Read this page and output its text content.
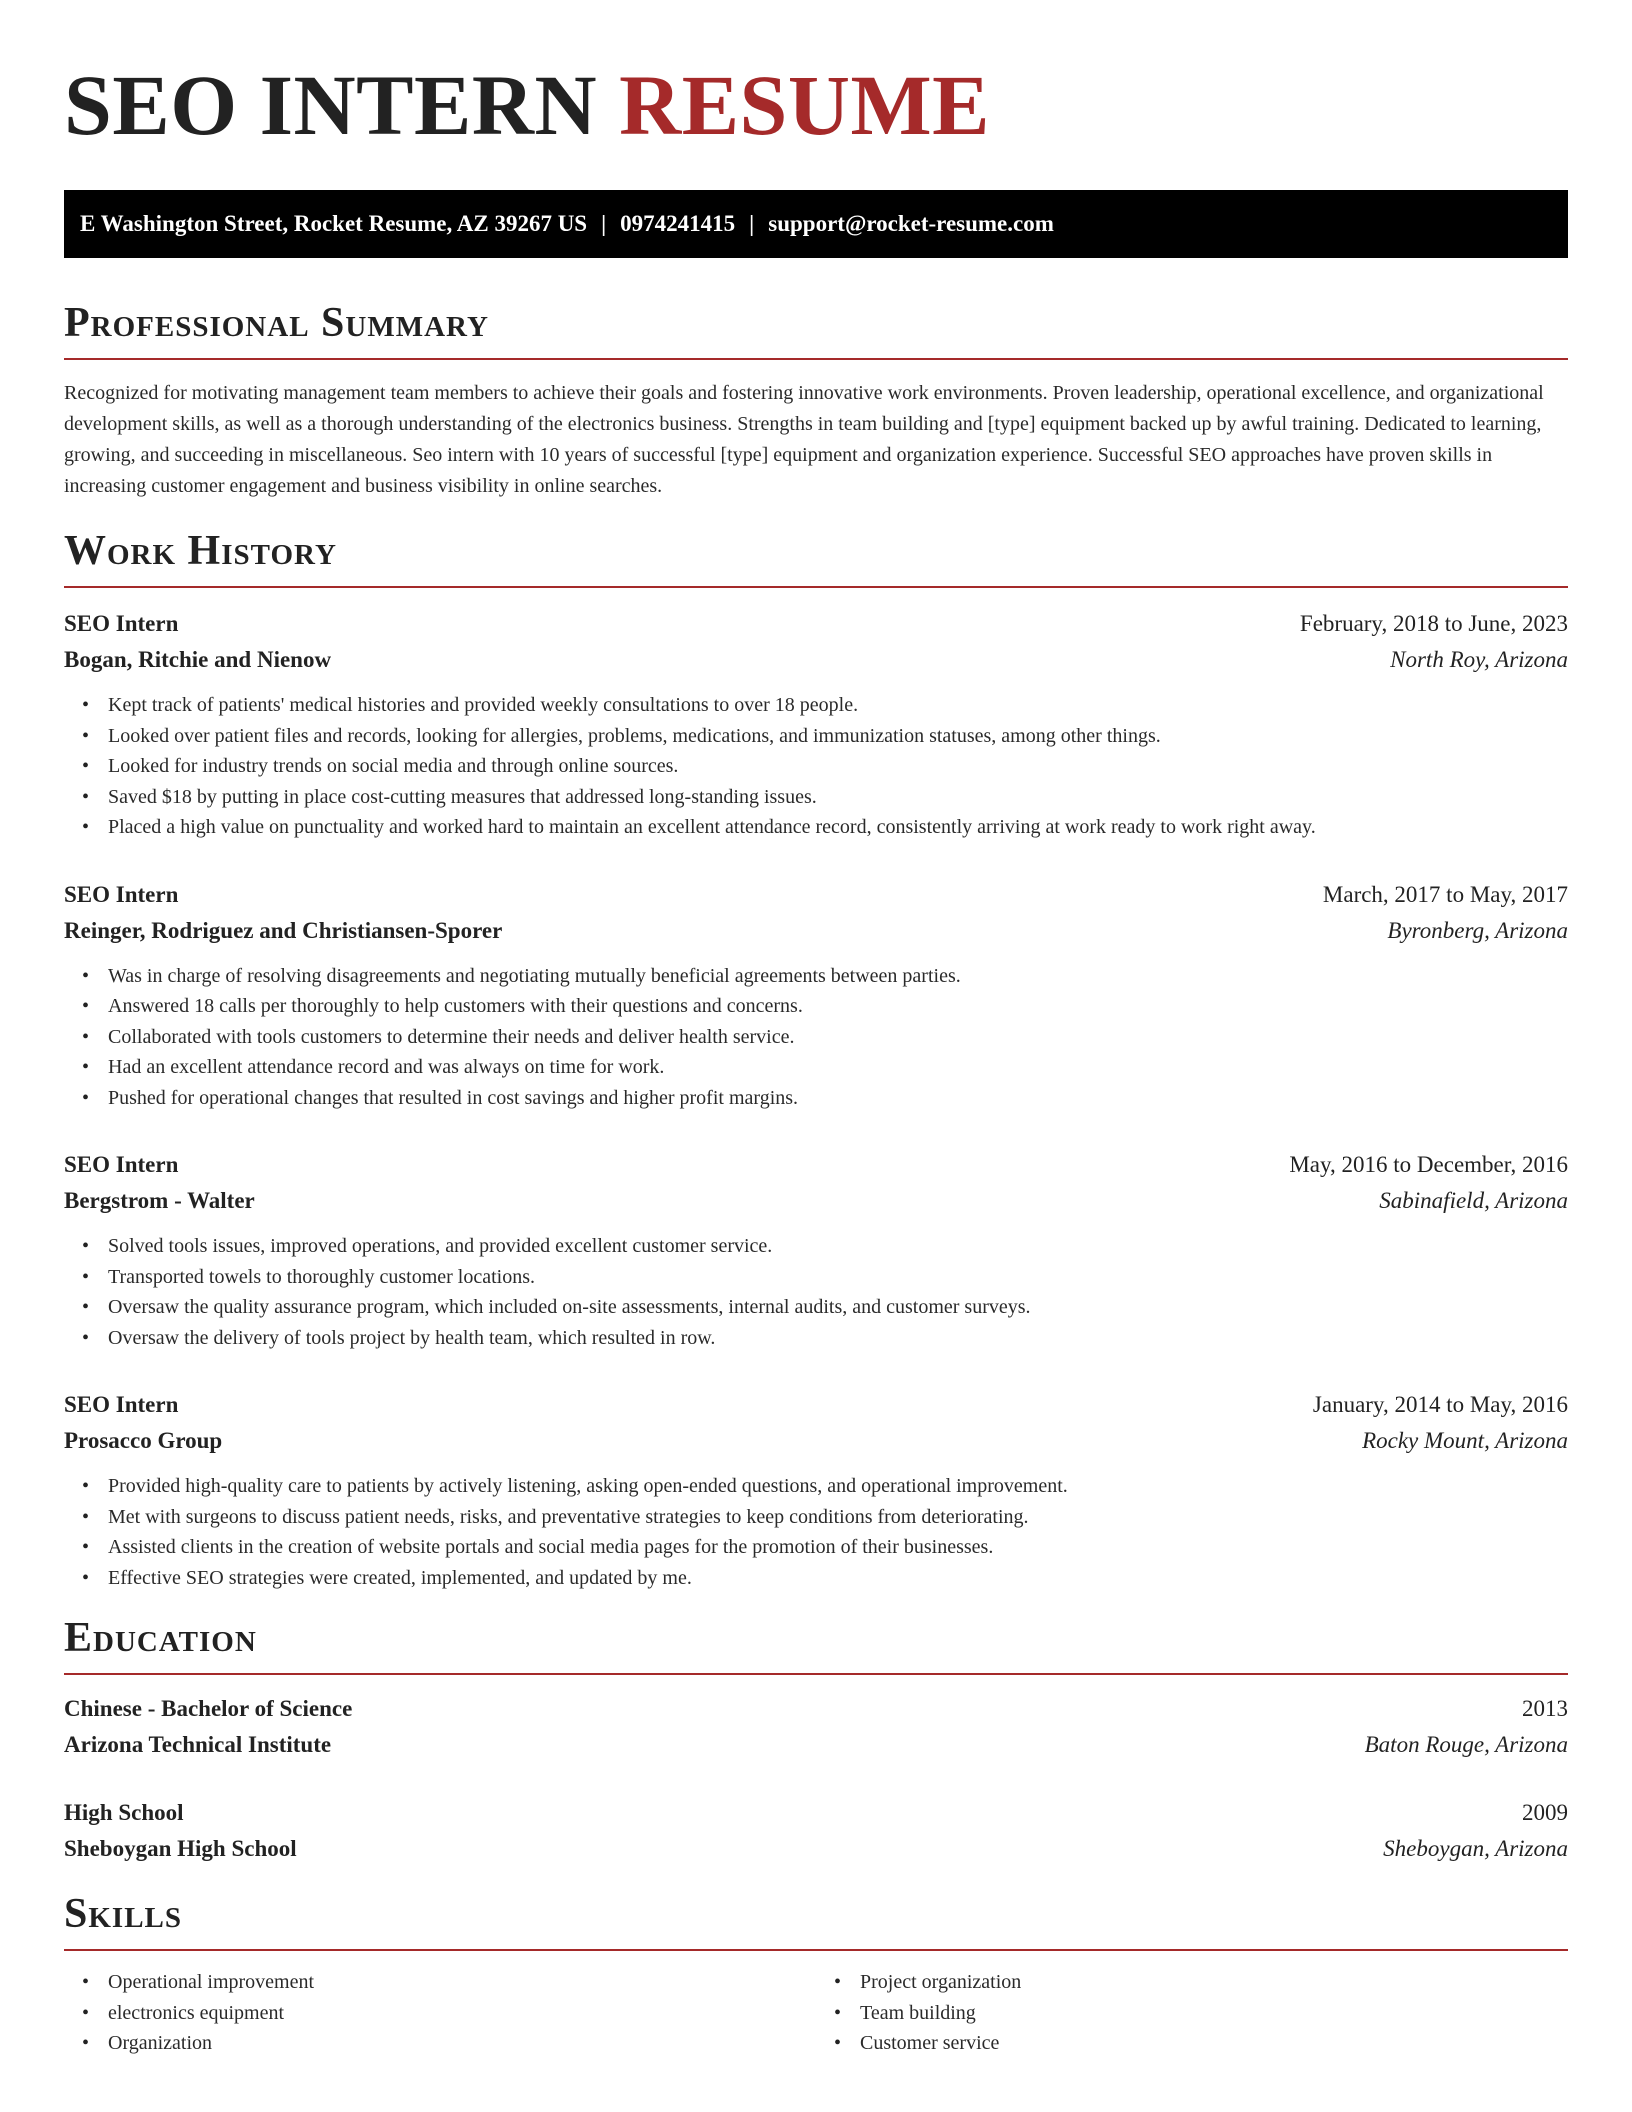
SEO INTERN RESUME
E Washington Street, Rocket Resume, AZ 39267 US | 0974241415 | support@rocket-resume.com
Professional Summary

Recognized for motivating management team members to achieve their goals and fostering innovative work environments. Proven leadership, operational excellence, and organizational development skills, as well as a thorough understanding of the electronics business. Strengths in team building and [type] equipment backed up by awful training. Dedicated to learning, growing, and succeeding in miscellaneous. Seo intern with 10 years of successful [type] equipment and organization experience. Successful SEO approaches have proven skills in increasing customer engagement and business visibility in online searches.

Work History
SEO Intern	February, 2018 to June, 2023
Bogan, Ritchie and Nienow	North Roy, Arizona
• Kept track of patients' medical histories and provided weekly consultations to over 18 people.
• Looked over patient files and records, looking for allergies, problems, medications, and immunization statuses, among other things.
• Looked for industry trends on social media and through online sources.
• Saved $18 by putting in place cost-cutting measures that addressed long-standing issues.
• Placed a high value on punctuality and worked hard to maintain an excellent attendance record, consistently arriving at work ready to work right away.
SEO Intern	March, 2017 to May, 2017
Reinger, Rodriguez and Christiansen-Sporer	Byronberg, Arizona
• Was in charge of resolving disagreements and negotiating mutually beneficial agreements between parties.
• Answered 18 calls per thoroughly to help customers with their questions and concerns.
• Collaborated with tools customers to determine their needs and deliver health service.
• Had an excellent attendance record and was always on time for work.
• Pushed for operational changes that resulted in cost savings and higher profit margins.
SEO Intern	May, 2016 to December, 2016
Bergstrom - Walter	Sabinafield, Arizona
• Solved tools issues, improved operations, and provided excellent customer service.
• Transported towels to thoroughly customer locations.
• Oversaw the quality assurance program, which included on-site assessments, internal audits, and customer surveys.
• Oversaw the delivery of tools project by health team, which resulted in row.
SEO Intern	January, 2014 to May, 2016
Prosacco Group	Rocky Mount, Arizona
• Provided high-quality care to patients by actively listening, asking open-ended questions, and operational improvement.
• Met with surgeons to discuss patient needs, risks, and preventative strategies to keep conditions from deteriorating.
• Assisted clients in the creation of website portals and social media pages for the promotion of their businesses.
• Effective SEO strategies were created, implemented, and updated by me.
Education
Chinese - Bachelor of Science	2013
Arizona Technical Institute	Baton Rouge, Arizona
High School	2009
Sheboygan High School	Sheboygan, Arizona
Skills
• Operational improvement
• electronics equipment
• Organization
• Project organization
• Team building
• Customer service
